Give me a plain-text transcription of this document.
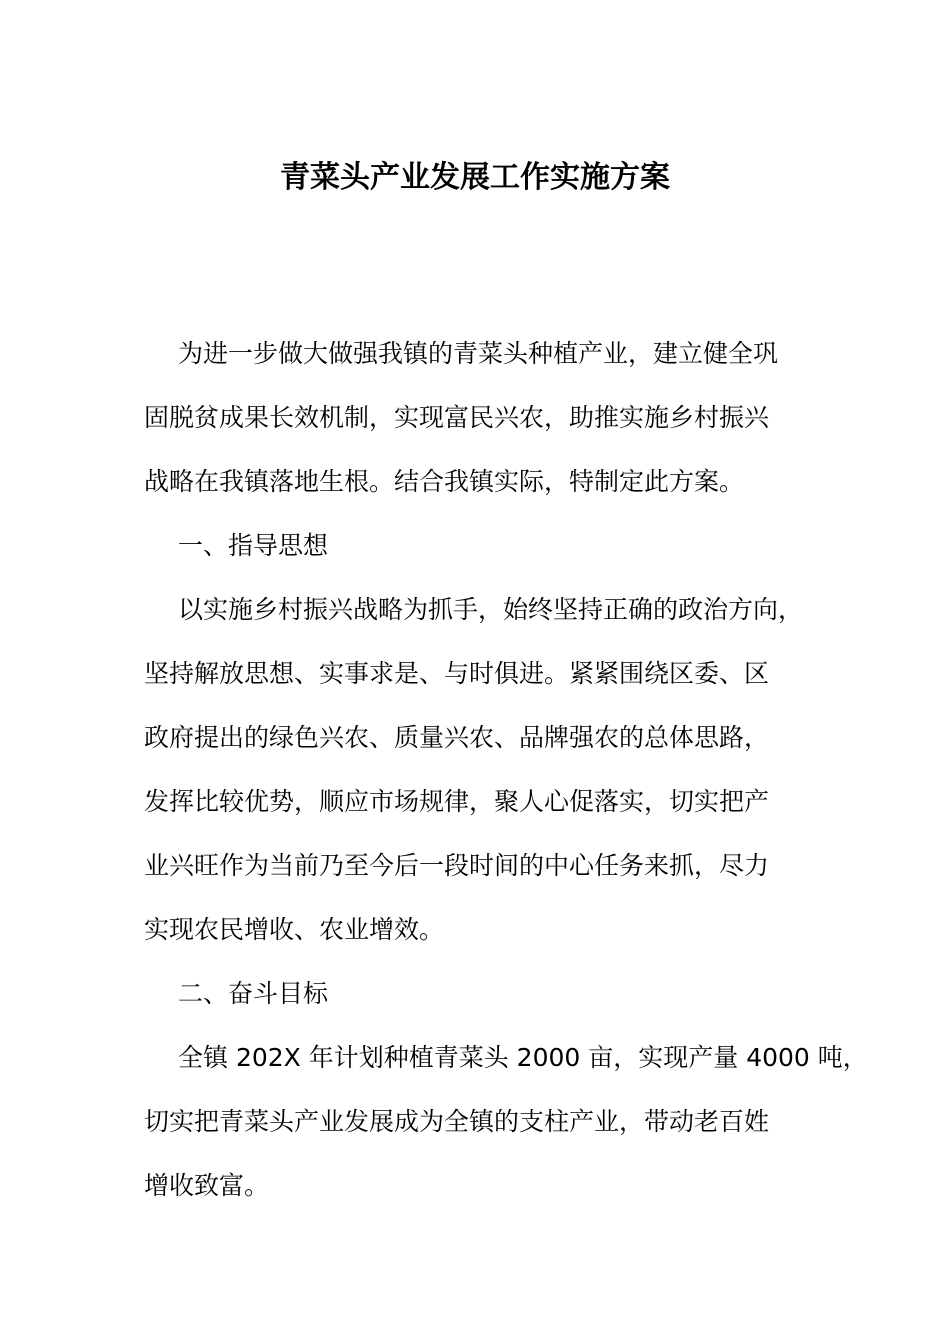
青菜头产业发展工作实施方案
为进一步做大做强我镇的青菜头种植产业，建立健全巩
固脱贫成果长效机制，实现富民兴农，助推实施乡村振兴
战略在我镇落地生根。结合我镇实际，特制定此方案。
一、指导思想
以实施乡村振兴战略为抓手，始终坚持正确的政治方向，
坚持解放思想、实事求是、与时俱进。紧紧围绕区委、区
政府提出的绿色兴农、质量兴农、品牌强农的总体思路，
发挥比较优势，顺应市场规律，聚人心促落实，切实把产
业兴旺作为当前乃至今后一段时间的中心任务来抓，尽力
实现农民增收、农业增效。
二、奋斗目标
全镇 202X 年计划种植青菜头 2000 亩，实现产量 4000 吨，
切实把青菜头产业发展成为全镇的支柱产业，带动老百姓
增收致富。
